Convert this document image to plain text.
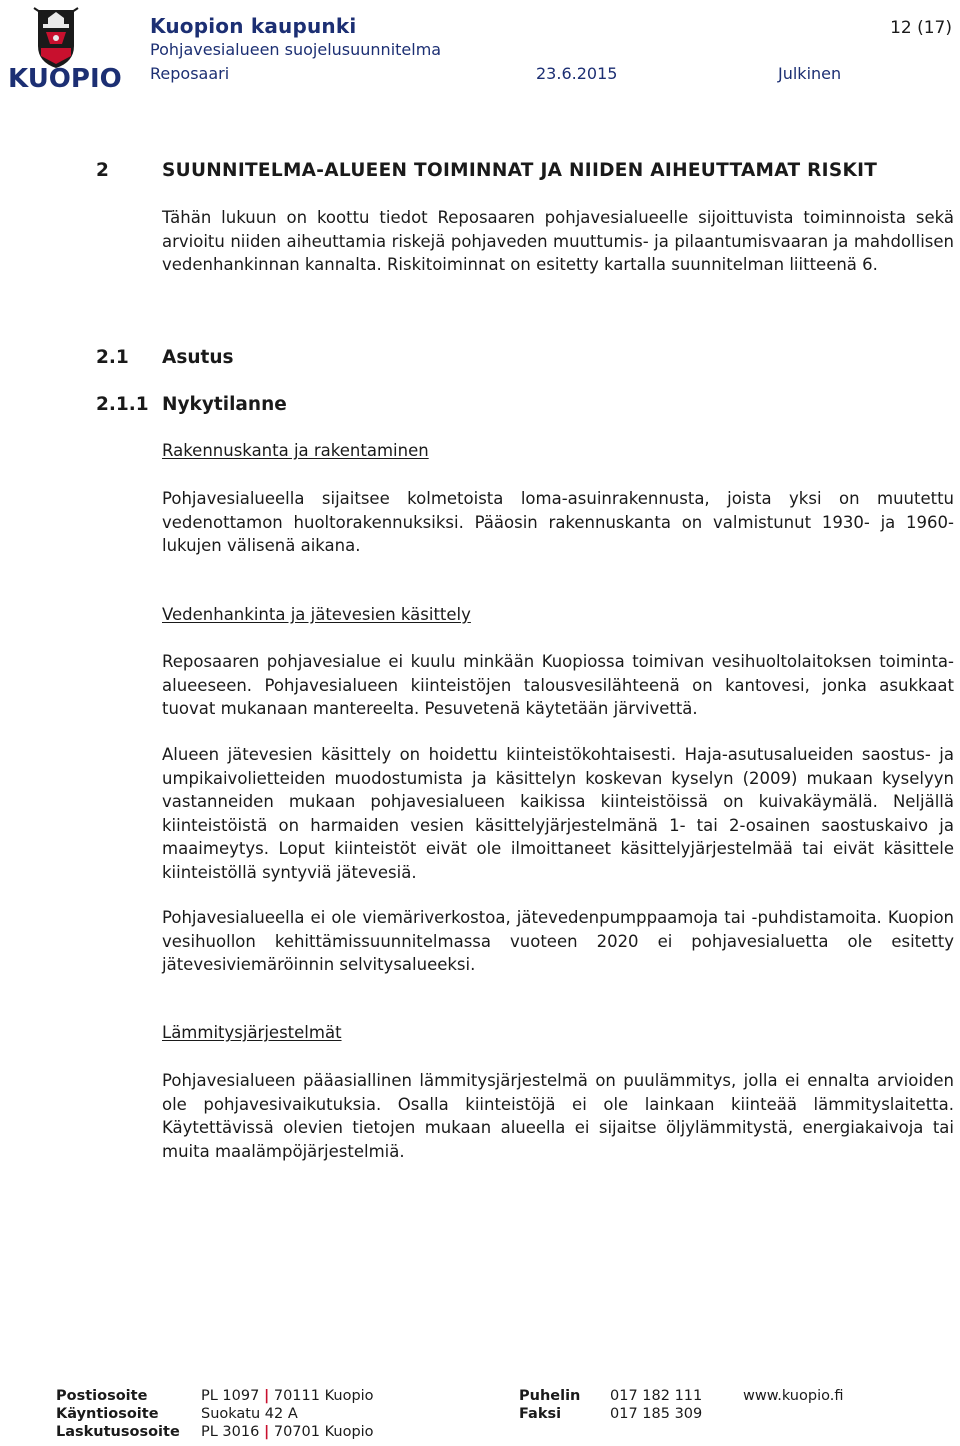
KUOPIO
Kuopion kaupunki
Pohjavesialueen suojelusuunnitelma
Reposaari	23.6.2015	Julkinen
12 (17)
2	SUUNNITELMA-ALUEEN TOIMINNAT JA NIIDEN AIHEUTTAMAT RISKIT

Tähän lukuun on koottu tiedot Reposaaren pohjavesialueelle sijoittuvista toiminnoista sekä arvioitu niiden aiheuttamia riskejä pohjaveden muuttumis- ja pilaantumisvaaran ja mahdollisen vedenhankinnan kannalta. Riskitoiminnat on esitetty kartalla suunnitelman liitteenä 6.

2.1 Asutus
2.1.1 Nykytilanne
Rakennuskanta ja rakentaminen

Pohjavesialueella sijaitsee kolmetoista loma-asuinrakennusta, joista yksi on muutettu vedenottamon huoltorakennuksiksi. Pääosin rakennuskanta on valmistunut 1930- ja 1960-lukujen välisenä aikana.

Vedenhankinta ja jätevesien käsittely

Reposaaren pohjavesialue ei kuulu minkään Kuopiossa toimivan vesihuoltolaitoksen toiminta-alueeseen. Pohjavesialueen kiinteistöjen talousvesilähteenä on kantovesi, jonka asukkaat tuovat mukanaan mantereelta. Pesuvetenä käytetään järvivettä.

Alueen jätevesien käsittely on hoidettu kiinteistökohtaisesti. Haja-asutusalueiden saostus- ja umpikaivolietteiden muodostumista ja käsittelyn koskevan kyselyn (2009) mukaan kyselyyn vastanneiden mukaan pohjavesialueen kaikissa kiinteistöissä on kuivakäymälä. Neljällä kiinteistöistä on harmaiden vesien käsittelyjärjestelmänä 1- tai 2-osainen saostuskaivo ja maaimeytys. Loput kiinteistöt eivät ole ilmoittaneet käsittelyjärjestelmää tai eivät käsittele kiinteistöllä syntyviä jätevesiä.

Pohjavesialueella ei ole viemäriverkostoa, jätevedenpumppaamoja tai -puhdistamoita. Kuopion vesihuollon kehittämissuunnitelmassa vuoteen 2020 ei pohjavesialuetta ole esitetty jätevesiviemäröinnin selvitysalueeksi.

Lämmitysjärjestelmät

Pohjavesialueen pääasiallinen lämmitysjärjestelmä on puulämmitys, jolla ei ennalta arvioiden ole pohjavesivaikutuksia. Osalla kiinteistöjä ei ole lainkaan kiinteää lämmityslaitetta. Käytettävissä olevien tietojen mukaan alueella ei sijaitse öljylämmitystä, energiakaivoja tai muita maalämpöjärjestelmiä.

Postiosoite	PL 1097 | 70111 Kuopio
Käyntiosoite	Suokatu 42 A
Laskutusosoite PL 3016 | 70701 Kuopio
Puhelin 017 182 111
Faksi	017 185 309
www.kuopio.fi
